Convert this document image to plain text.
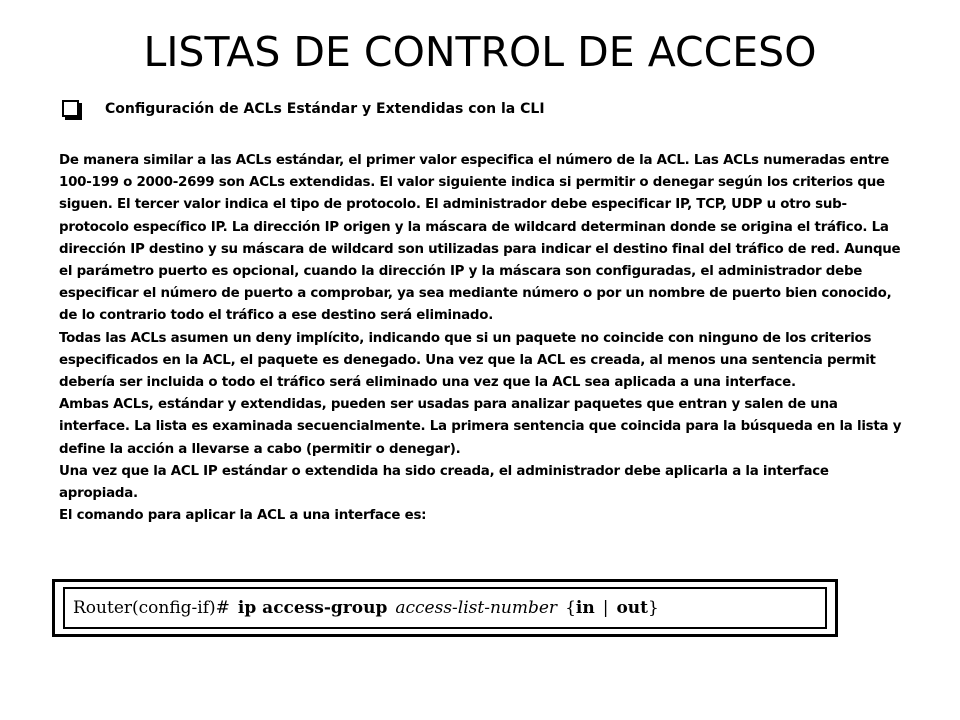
LISTAS DE CONTROL DE ACCESO
Configuración de ACLs Estándar y Extendidas con la CLI

De manera similar a las ACLs estándar, el primer valor especifica el número de la ACL. Las ACLs numeradas entre 100-199 o 2000-2699 son ACLs extendidas. El valor siguiente indica si permitir o denegar según los criterios que siguen. El tercer valor indica el tipo de protocolo. El administrador debe especificar IP, TCP, UDP u otro sub-protocolo específico IP. La dirección IP origen y la máscara de wildcard determinan donde se origina el tráfico. La dirección IP destino y su máscara de wildcard son utilizadas para indicar el destino final del tráfico de red. Aunque el parámetro puerto es opcional, cuando la dirección IP y la máscara son configuradas, el administrador debe especificar el número de puerto a comprobar, ya sea mediante número o por un nombre de puerto bien conocido, de lo contrario todo el tráfico a ese destino será eliminado.

Todas las ACLs asumen un deny implícito, indicando que si un paquete no coincide con ninguno de los criterios especificados en la ACL, el paquete es denegado. Una vez que la ACL es creada, al menos una sentencia permit debería ser incluida o todo el tráfico será eliminado una vez que la ACL sea aplicada a una interface.

Ambas ACLs, estándar y extendidas, pueden ser usadas para analizar paquetes que entran y salen de una interface. La lista es examinada secuencialmente. La primera sentencia que coincida para la búsqueda en la lista y define la acción a llevarse a cabo (permitir o denegar).

Una vez que la ACL IP estándar o extendida ha sido creada, el administrador debe aplicarla a la interface apropiada.

El comando para aplicar la ACL a una interface es:

Router(config-if)# ip access-group access-list-number { in | out }
